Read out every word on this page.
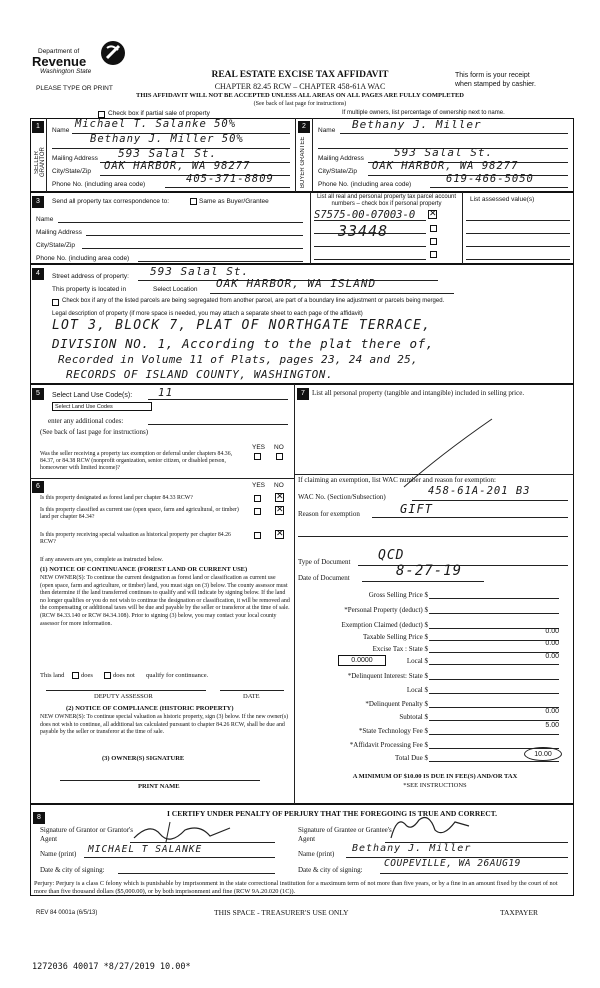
Department of
Revenue
Washington State
PLEASE TYPE OR PRINT
REAL ESTATE EXCISE TAX AFFIDAVIT
CHAPTER 82.45 RCW – CHAPTER 458-61A WAC
THIS AFFIDAVIT WILL NOT BE ACCEPTED UNLESS ALL AREAS ON ALL PAGES ARE FULLY COMPLETED
(See back of last page for instructions)
This form is your receipt
when stamped by cashier.
Check box if partial sale of property	If multiple owners, list percentage of ownership next to name.
1
SELLER GRANTOR
Name
Michael T. Salanke 50%
Bethany J. Miller 50%
Mailing Address 593 Salal St.
City/State/Zip OAK HARBOR, WA 98277
Phone No. (including area code)	405-371-8809
2
BUYER GRANTEE
Name Bethany J. Miller
Mailing Address	593 Salal St.
City/State/Zip OAK HARBOR, WA 98277
Phone No. (including area code)	619-466-5050
3	Send all property tax correspondence to:	Same as Buyer/Grantee
Name
Mailing Address
City/State/Zip
Phone No. (including area code)
List all real and personal property tax parcel account numbers – check box if personal property
List assessed value(s)
S7575-00-07003-0 ✕
33448
4	Street address of property: 593 Salal St.
This property is located in	Select Location OAK HARBOR, WA ISLAND
Check box if any of the listed parcels are being segregated from another parcel, are part of a boundary line adjustment or parcels being merged.
Legal description of property (if more space is needed, you may attach a separate sheet to each page of the affidavit)
LOT 3, BLOCK 7, PLAT OF NORTHGATE TERRACE,
DIVISION NO. 1, According to the plat there of,
Recorded in Volume 11 of Plats, pages 23, 24 and 25,
RECORDS OF ISLAND COUNTY, WASHINGTON.
5	Select Land Use Code(s): 11
Select Land Use Codes
enter any additional codes:
(See back of last page for instructions)
YES NO
Was the seller receiving a property tax exemption or deferral under chapters 84.36, 84.37, or 84.38 RCW (nonprofit organization, senior citizen, or disabled person, homeowner with limited income)?
6	YES NO
Is this property designated as forest land per chapter 84.33 RCW?	✕
Is this property classified as current use (open space, farm and agricultural, or timber) land per chapter 84.34?
✕
Is this property receiving special valuation as historical property per chapter 84.26 RCW?
✕
If any answers are yes, complete as instructed below.
(1) NOTICE OF CONTINUANCE (FOREST LAND OR CURRENT USE)
NEW OWNER(S): To continue the current designation as forest land or classification as current use (open space, farm and agriculture, or timber) land, you must sign on (3) below. The county assessor must then determine if the land transferred continues to qualify and will indicate by signing below. If the land no longer qualifies or you do not wish to continue the designation or classification, it will be removed and the compensating or additional taxes will be due and payable by the seller or transferor at the time of sale. (RCW 84.33.140 or RCW 84.34.108). Prior to signing (3) below, you may contact your local county assessor for more information.
This land	does	does not qualify for continuance.
DEPUTY ASSESSOR	DATE
(2) NOTICE OF COMPLIANCE (HISTORIC PROPERTY)
NEW OWNER(S): To continue special valuation as historic property, sign (3) below. If the new owner(s) does not wish to continue, all additional tax calculated pursuant to chapter 84.26 RCW, shall be due and payable by the seller or transferor at the time of sale.
(3) OWNER(S) SIGNATURE
PRINT NAME
7	List all personal property (tangible and intangible) included in selling price.
If claiming an exemption, list WAC number and reason for exemption:
WAC No. (Section/Subsection)	458-61A-201 B3
Reason for exemption	GIFT
Type of Document QCD
Date of Document	8-27-19
Gross Selling Price $
*Personal Property (deduct) $
Exemption Claimed (deduct) $
Taxable Selling Price $
0.00
Excise Tax : State $
0.00
0.0000	Local $
0.00
*Delinquent Interest: State $
Local $
*Delinquent Penalty $
Subtotal $
0.00
*State Technology Fee $
5.00
*Affidavit Processing Fee $
Total Due $	10.00
A MINIMUM OF $10.00 IS DUE IN FEE(S) AND/OR TAX
*SEE INSTRUCTIONS
8	I CERTIFY UNDER PENALTY OF PERJURY THAT THE FOREGOING IS TRUE AND CORRECT.
Signature of Grantor or Grantor's Agent
Name (print) MICHAEL T SALANKE
Date & city of signing:
Signature of Grantee or Grantee's Agent
Name (print) Bethany J. Miller
Date & city of signing:
COUPEVILLE, WA 26AUG19
Perjury: Perjury is a class C felony which is punishable by imprisonment in the state correctional institution for a maximum term of not more than five years, or by a fine in an amount fixed by the court of not more than five thousand dollars ($5,000.00), or by both imprisonment and fine (RCW 9A.20.020 (1C)).
REV 84 0001a (6/5/13)	THIS SPACE - TREASURER'S USE ONLY	TAXPAYER
1272036 40017 *8/27/2019 10.00*
